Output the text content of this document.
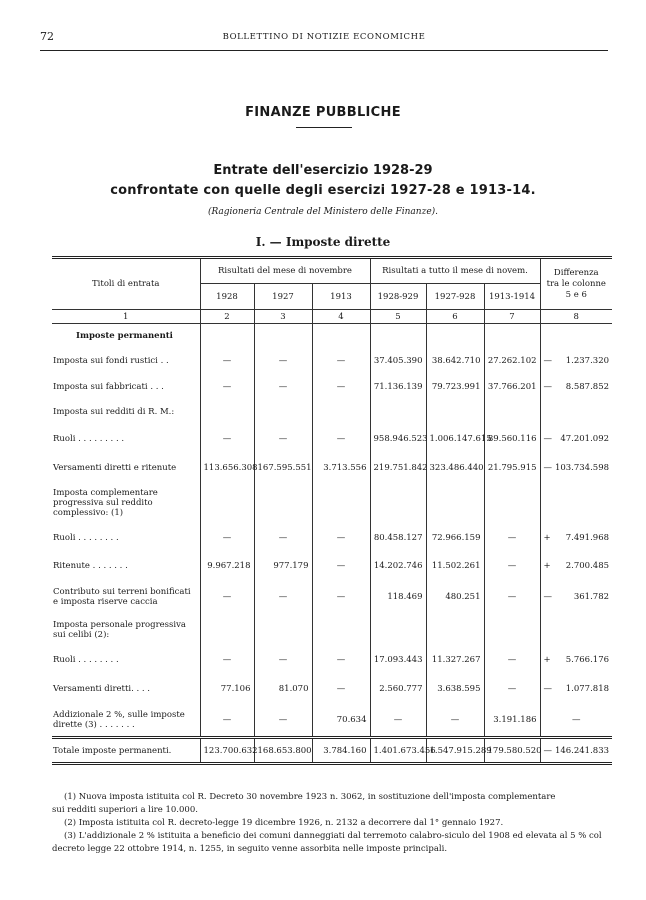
72	BOLLETTINO DI NOTIZIE ECONOMICHE
FINANZE PUBBLICHE
Entrate dell'esercizio 1928-29
confrontate con quelle degli esercizi 1927-28 e 1913-14.
(Ragioneria Centrale del Ministero delle Finanze).
I. — Imposte dirette
Titoli di entrata	Risultati del mese di novembre			Risultati a tutto il mese di novem.			Differenza
tra le colonne
5 e 6

	1928	1927	1913	1928-929	1927-928	1913-1914	
1	2	3	4	5	6	7	8
Imposte permanenti							

Imposta sui fondi rustici . .	—	—	—	37.405.390	38.642.710	27.262.102	— 1.237.320

Imposta sui fabbricati . . .	—	—	—	71.136.139	79.723.991	37.766.201	— 8.587.852

Imposta sui redditi di R. M.:							

Ruoli . . . . . . . . .	—	—	—	958.946.523	1.006.147.615	89.560.116	— 47.201.092

Versamenti diretti e ritenute	113.656.308	167.595.551	3.713.556	219.751.842	323.486.440	21.795.915	— 103.734.598

Imposta complementare progressiva sul reddito complessivo: (1)							

Ruoli . . . . . . . .	—	—	—	80.458.127	72.966.159	—	+ 7.491.968

Ritenute . . . . . . .	9.967.218	977.179	—	14.202.746	11.502.261	—	+ 2.700.485

Contributo sui terreni bonificati e imposta riserve caccia	—	—	—	118.469	480.251	—	— 361.782

Imposta personale progressiva sui celibi (2):							

Ruoli . . . . . . . .	—	—	—	17.093.443	11.327.267	—	+ 5.766.176

Versamenti diretti. . . .	77.106	81.070	—	2.560.777	3.638.595	—	— 1.077.818

Addizionale 2 %, sulle imposte dirette (3) . . . . . . .	—	—	70.634	—	—	3.191.186	—

Totale imposte permanenti.	123.700.632	168.653.800	3.784.160	1.401.673.456	1.547.915.289	179.580.520	— 146.241.833

(1) Nuova imposta istituita col R. Decreto 30 novembre 1923 n. 3062, in sostituzione dell'imposta complementare

sui redditi superiori a lire 10.000.

(2) Imposta istituita col R. decreto-legge 19 dicembre 1926, n. 2132 a decorrere dal 1° gennaio 1927.

(3) L'addizionale 2 % istituita a beneficio dei comuni danneggiati dal terremoto calabro-siculo del 1908 ed elevata al 5 % col decreto legge 22 ottobre 1914, n. 1255, in seguito venne assorbita nelle imposte principali.
